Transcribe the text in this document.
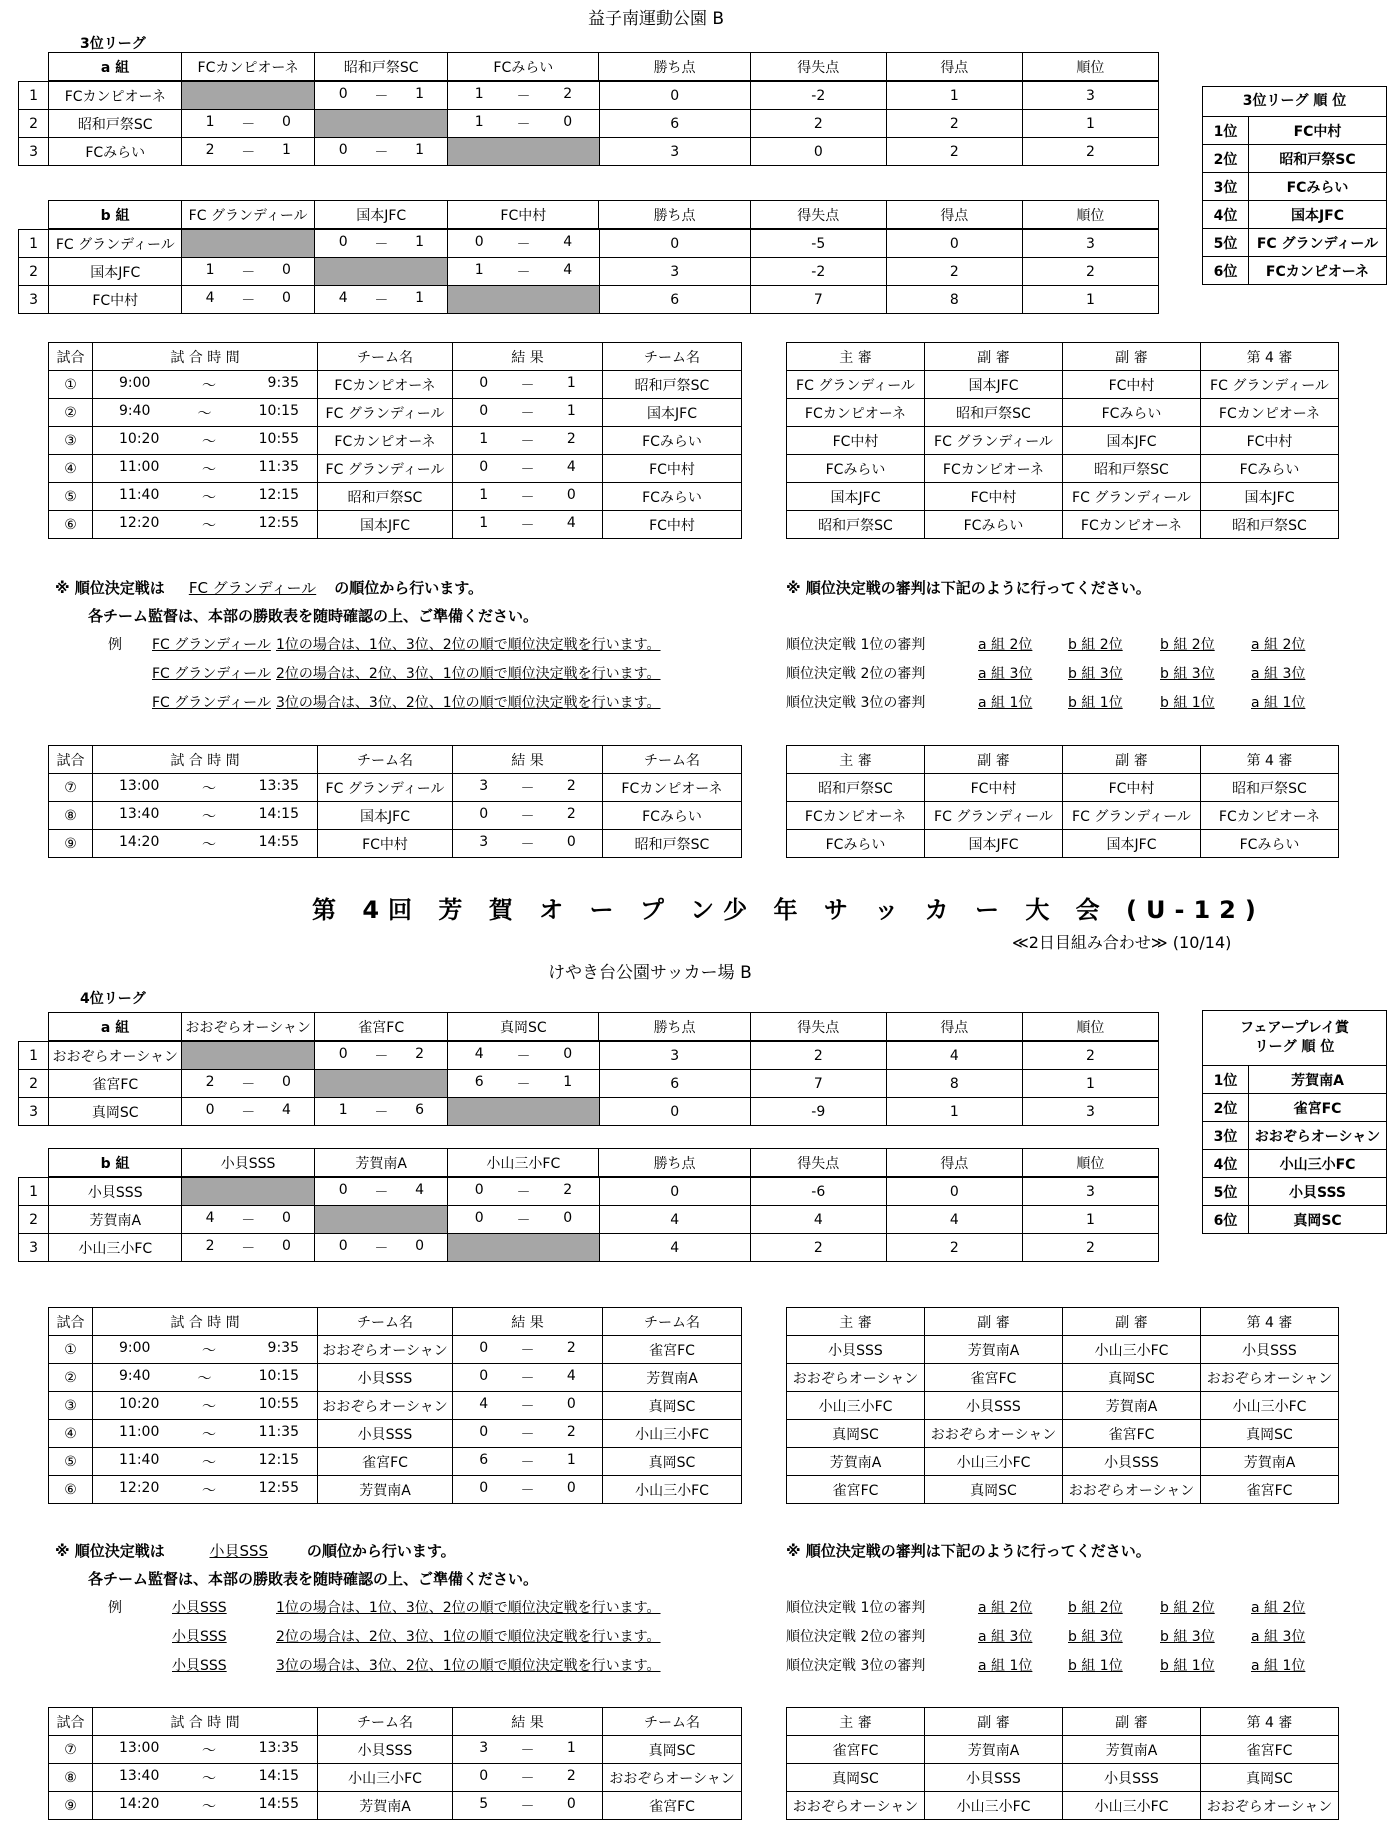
益子南運動公園 B
3位リーグ
1	FCカンピオーネ		0 － 1	1 － 2	0	-2	1	3
2	昭和戸祭SC	1 － 0		1 － 0	6	2	2	1
3	FCみらい	2 － 1	0 － 1		3	0	2	2
a 組	FCカンピオーネ	昭和戸祭SC	FCみらい	勝ち点	得失点	得点	順位
1	FC グランディール		0 － 1	0 － 4	0	-5	0	3
2	国本JFC	1 － 0		1 － 4	3	-2	2	2
3	FC中村	4 － 0	4 － 1		6	7	8	1
b 組	FC グランディール	国本JFC	FC中村	勝ち点	得失点	得点	順位
3位リーグ 順 位	

1位	FC中村
2位	昭和戸祭SC
3位	FCみらい
4位	国本JFC
5位	FC グランディール
6位	FCカンピオーネ
試合	試 合 時 間	チーム名	結 果	チーム名
①	9:00 ～ 9:35	FCカンピオーネ	0 － 1	昭和戸祭SC
②	9:40 ～ 10:15	FC グランディール	0 － 1	国本JFC
③	10:20 ～ 10:55	FCカンピオーネ	1 － 2	FCみらい
④	11:00 ～ 11:35	FC グランディール	0 － 4	FC中村
⑤	11:40 ～ 12:15	昭和戸祭SC	1 － 0	FCみらい
⑥	12:20 ～ 12:55	国本JFC	1 － 4	FC中村
主 審	副 審	副 審	第 4 審
FC グランディール	国本JFC	FC中村	FC グランディール
FCカンピオーネ	昭和戸祭SC	FCみらい	FCカンピオーネ
FC中村	FC グランディール	国本JFC	FC中村
FCみらい	FCカンピオーネ	昭和戸祭SC	FCみらい
国本JFC	FC中村	FC グランディール	国本JFC
昭和戸祭SC	FCみらい	FCカンピオーネ	昭和戸祭SC
試合	試 合 時 間	チーム名	結 果	チーム名
⑦	13:00 ～ 13:35	FC グランディール	3 － 2	FCカンピオーネ
⑧	13:40 ～ 14:15	国本JFC	0 － 2	FCみらい
⑨	14:20 ～ 14:55	FC中村	3 － 0	昭和戸祭SC
主 審	副 審	副 審	第 4 審
昭和戸祭SC	FC中村	FC中村	昭和戸祭SC
FCカンピオーネ	FC グランディール	FC グランディール	FCカンピオーネ
FCみらい	国本JFC	国本JFC	FCみらい
※ 順位決定戦は FC グランディール の順位から行います。
各チーム監督は、本部の勝敗表を随時確認の上、ご準備ください。
例 FC グランディール 1位の場合は、1位、3位、2位の順で順位決定戦を行います。
FC グランディール 2位の場合は、2位、3位、1位の順で順位決定戦を行います。
FC グランディール 3位の場合は、3位、2位、1位の順で順位決定戦を行います。
※ 順位決定戦の審判は下記のように行ってください。
順位決定戦 1位の審判	a 組 2位	b 組 2位	b 組 2位	a 組 2位
順位決定戦 2位の審判	a 組 3位	b 組 3位	b 組 3位	a 組 3位
順位決定戦 3位の審判	a 組 1位	b 組 1位	b 組 1位	a 組 1位
第 4回 芳 賀 オ ー プ ン少 年 サ ッ カ ー 大 会 (U-12)
≪2日目組み合わせ≫ (10/14)
けやき台公園サッカー場 B
4位リーグ
1	おおぞらオーシャン		0 － 2	4 － 0	3	2	4	2
2	雀宮FC	2 － 0		6 － 1	6	7	8	1
3	真岡SC	0 － 4	1 － 6		0	-9	1	3
a 組	おおぞらオーシャン	雀宮FC	真岡SC	勝ち点	得失点	得点	順位
1	小貝SSS		0 － 4	0 － 2	0	-6	0	3
2	芳賀南A	4 － 0		0 － 0	4	4	4	1
3	小山三小FC	2 － 0	0 － 0		4	2	2	2
b 組	小貝SSS	芳賀南A	小山三小FC	勝ち点	得失点	得点	順位
フェアープレイ賞
リーグ 順 位	

1位	芳賀南A
2位	雀宮FC
3位	おおぞらオーシャン
4位	小山三小FC
5位	小貝SSS
6位	真岡SC
試合	試 合 時 間	チーム名	結 果	チーム名
①	9:00 ～ 9:35	おおぞらオーシャン	0 － 2	雀宮FC
②	9:40 ～ 10:15	小貝SSS	0 － 4	芳賀南A
③	10:20 ～ 10:55	おおぞらオーシャン	4 － 0	真岡SC
④	11:00 ～ 11:35	小貝SSS	0 － 2	小山三小FC
⑤	11:40 ～ 12:15	雀宮FC	6 － 1	真岡SC
⑥	12:20 ～ 12:55	芳賀南A	0 － 0	小山三小FC
主 審	副 審	副 審	第 4 審
小貝SSS	芳賀南A	小山三小FC	小貝SSS
おおぞらオーシャン	雀宮FC	真岡SC	おおぞらオーシャン
小山三小FC	小貝SSS	芳賀南A	小山三小FC
真岡SC	おおぞらオーシャン	雀宮FC	真岡SC
芳賀南A	小山三小FC	小貝SSS	芳賀南A
雀宮FC	真岡SC	おおぞらオーシャン	雀宮FC
試合	試 合 時 間	チーム名	結 果	チーム名
⑦	13:00 ～ 13:35	小貝SSS	3 － 1	真岡SC
⑧	13:40 ～ 14:15	小山三小FC	0 － 2	おおぞらオーシャン
⑨	14:20 ～ 14:55	芳賀南A	5 － 0	雀宮FC
主 審	副 審	副 審	第 4 審
雀宮FC	芳賀南A	芳賀南A	雀宮FC
真岡SC	小貝SSS	小貝SSS	真岡SC
おおぞらオーシャン	小山三小FC	小山三小FC	おおぞらオーシャン
※ 順位決定戦は	小貝SSS	の順位から行います。
各チーム監督は、本部の勝敗表を随時確認の上、ご準備ください。
例	小貝SSS	1位の場合は、1位、3位、2位の順で順位決定戦を行います。
小貝SSS	2位の場合は、2位、3位、1位の順で順位決定戦を行います。
小貝SSS	3位の場合は、3位、2位、1位の順で順位決定戦を行います。
※ 順位決定戦の審判は下記のように行ってください。
順位決定戦 1位の審判	a 組 2位	b 組 2位	b 組 2位	a 組 2位
順位決定戦 2位の審判	a 組 3位	b 組 3位	b 組 3位	a 組 3位
順位決定戦 3位の審判	a 組 1位	b 組 1位	b 組 1位	a 組 1位
